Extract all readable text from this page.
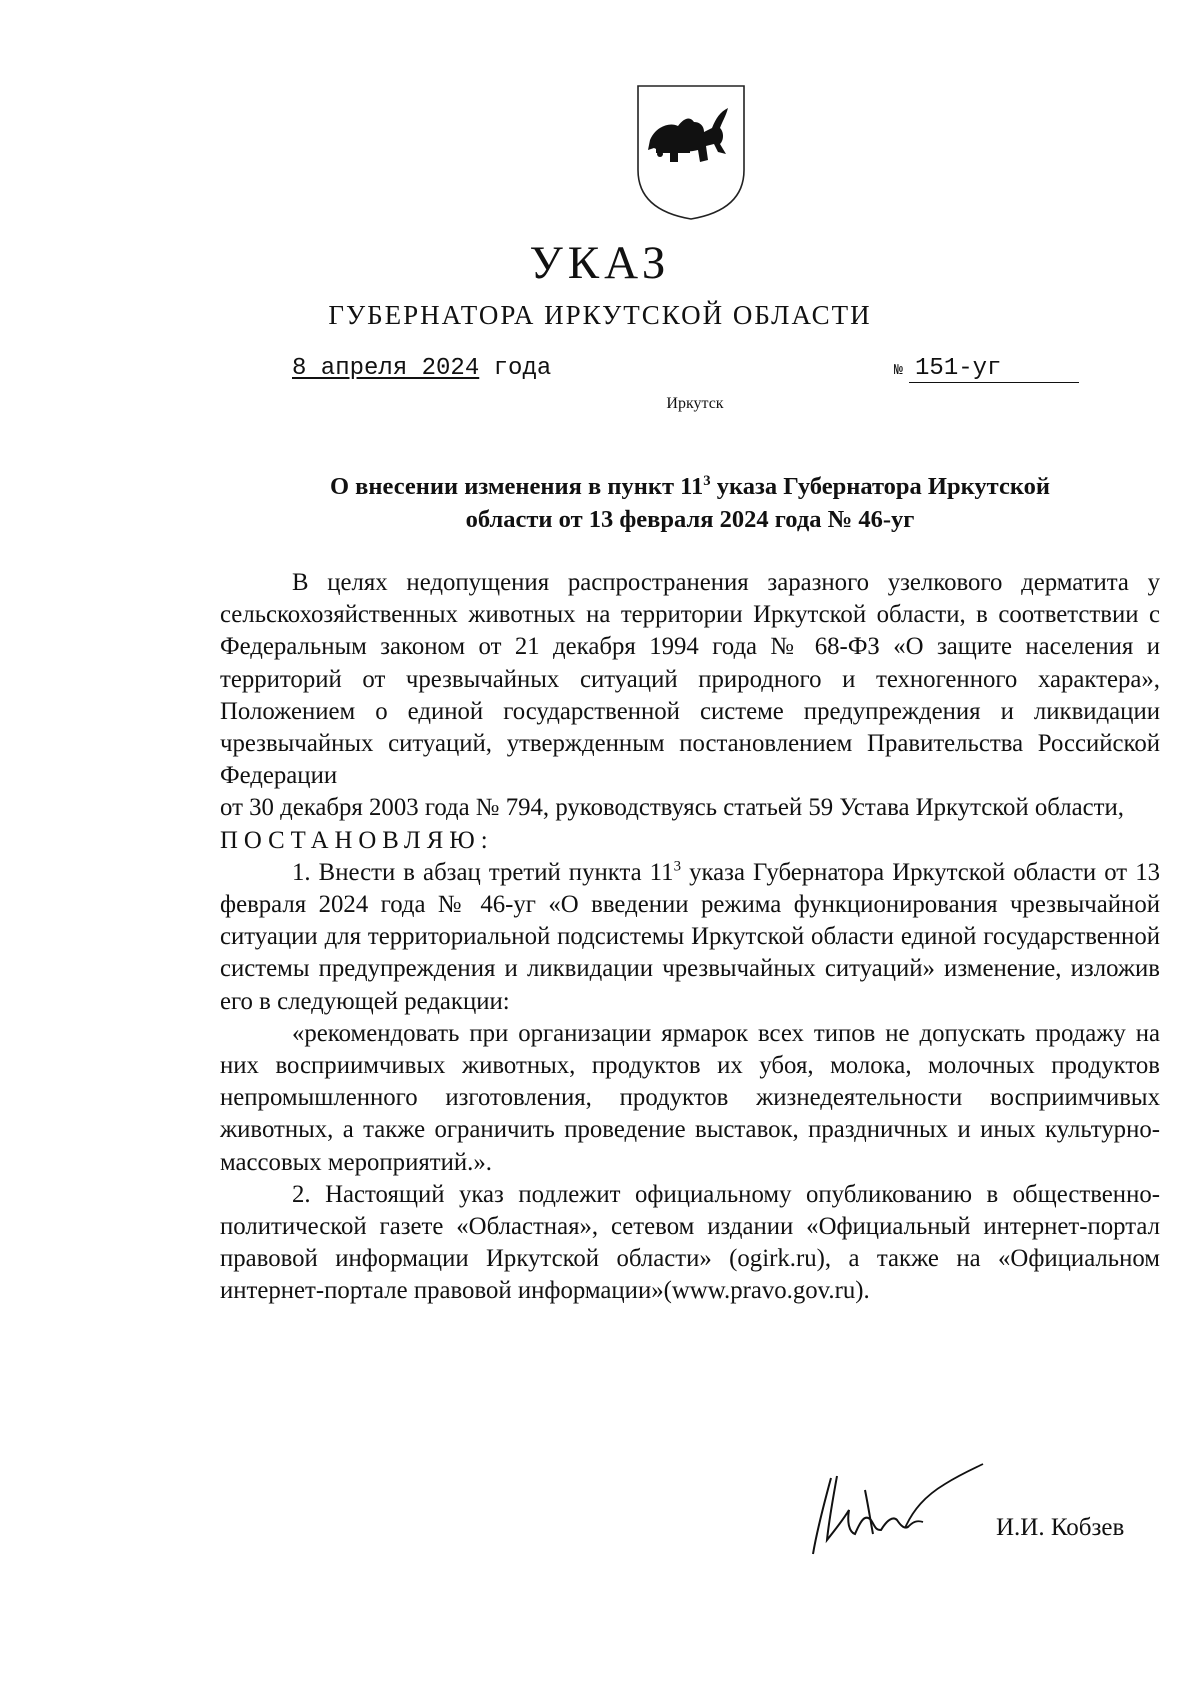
УКАЗ
ГУБЕРНАТОРА ИРКУТСКОЙ ОБЛАСТИ
8 апреля 2024 года	№ 151-уг
Иркутск
О внесении изменения в пункт $11^3$ указа Губернатора Иркутской
области от 13 февраля 2024 года № 46-уг

В целях недопущения распространения заразного узелкового дерматита у сельскохозяйственных животных на территории Иркутской области, в соответствии с Федеральным законом от 21 декабря 1994 года № 68-ФЗ «О защите населения и территорий от чрезвычайных ситуаций природного и техногенного характера», Положением о единой государственной системе предупреждения и ликвидации чрезвычайных ситуаций, утвержденным постановлением Правительства Российской Федерации

от 30 декабря 2003 года № 794, руководствуясь статьей 59 Устава Иркутской области,

ПОСТАНОВЛЯЮ:

1. Внести в абзац третий пункта $11^3$ указа Губернатора Иркутской области от 13 февраля 2024 года № 46-уг «О введении режима функционирования чрезвычайной ситуации для территориальной подсистемы Иркутской области единой государственной системы предупреждения и ликвидации чрезвычайных ситуаций» изменение, изложив его в следующей редакции:

«рекомендовать при организации ярмарок всех типов не допускать продажу на них восприимчивых животных, продуктов их убоя, молока, молочных продуктов непромышленного изготовления, продуктов жизнедеятельности восприимчивых животных, а также ограничить проведение выставок, праздничных и иных культурно-массовых мероприятий.».

2. Настоящий указ подлежит официальному опубликованию в общественно-политической газете «Областная», сетевом издании «Официальный интернет-портал правовой информации Иркутской области» (ogirk.ru), а также на «Официальном интернет-портале правовой информации»(www.pravo.gov.ru).

И.И. Кобзев
